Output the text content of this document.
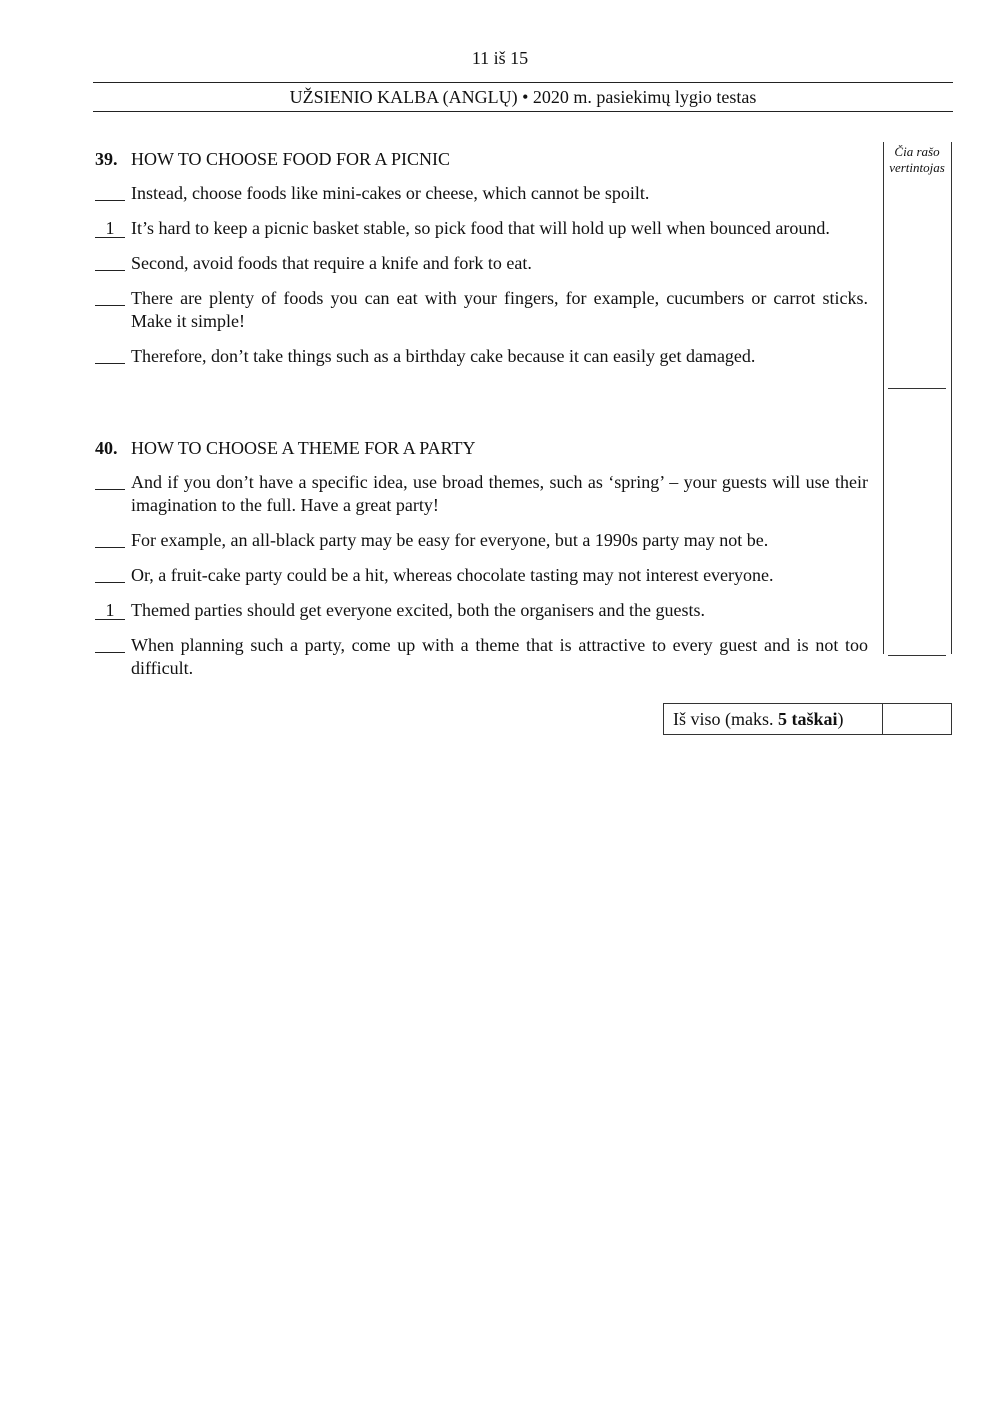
11 iš 15
UŽSIENIO KALBA (ANGLŲ) • 2020 m. pasiekimų lygio testas
Čia rašo
vertintojas
39. HOW TO CHOOSE FOOD FOR A PICNIC
Instead, choose foods like mini-cakes or cheese, which cannot be spoilt.
1 It’s hard to keep a picnic basket stable, so pick food that will hold up well when bounced around.
Second, avoid foods that require a knife and fork to eat.
There are plenty of foods you can eat with your fingers, for example, cucumbers or carrot sticks. Make it simple!
Therefore, don’t take things such as a birthday cake because it can easily get damaged.
40. HOW TO CHOOSE A THEME FOR A PARTY
And if you don’t have a specific idea, use broad themes, such as ‘spring’ – your guests will use their imagination to the full. Have a great party!
For example, an all-black party may be easy for everyone, but a 1990s party may not be.
Or, a fruit-cake party could be a hit, whereas chocolate tasting may not interest everyone.
1 Themed parties should get everyone excited, both the organisers and the guests.
When planning such a party, come up with a theme that is attractive to every guest and is not too difficult.
Iš viso (maks. 5 taškai )
